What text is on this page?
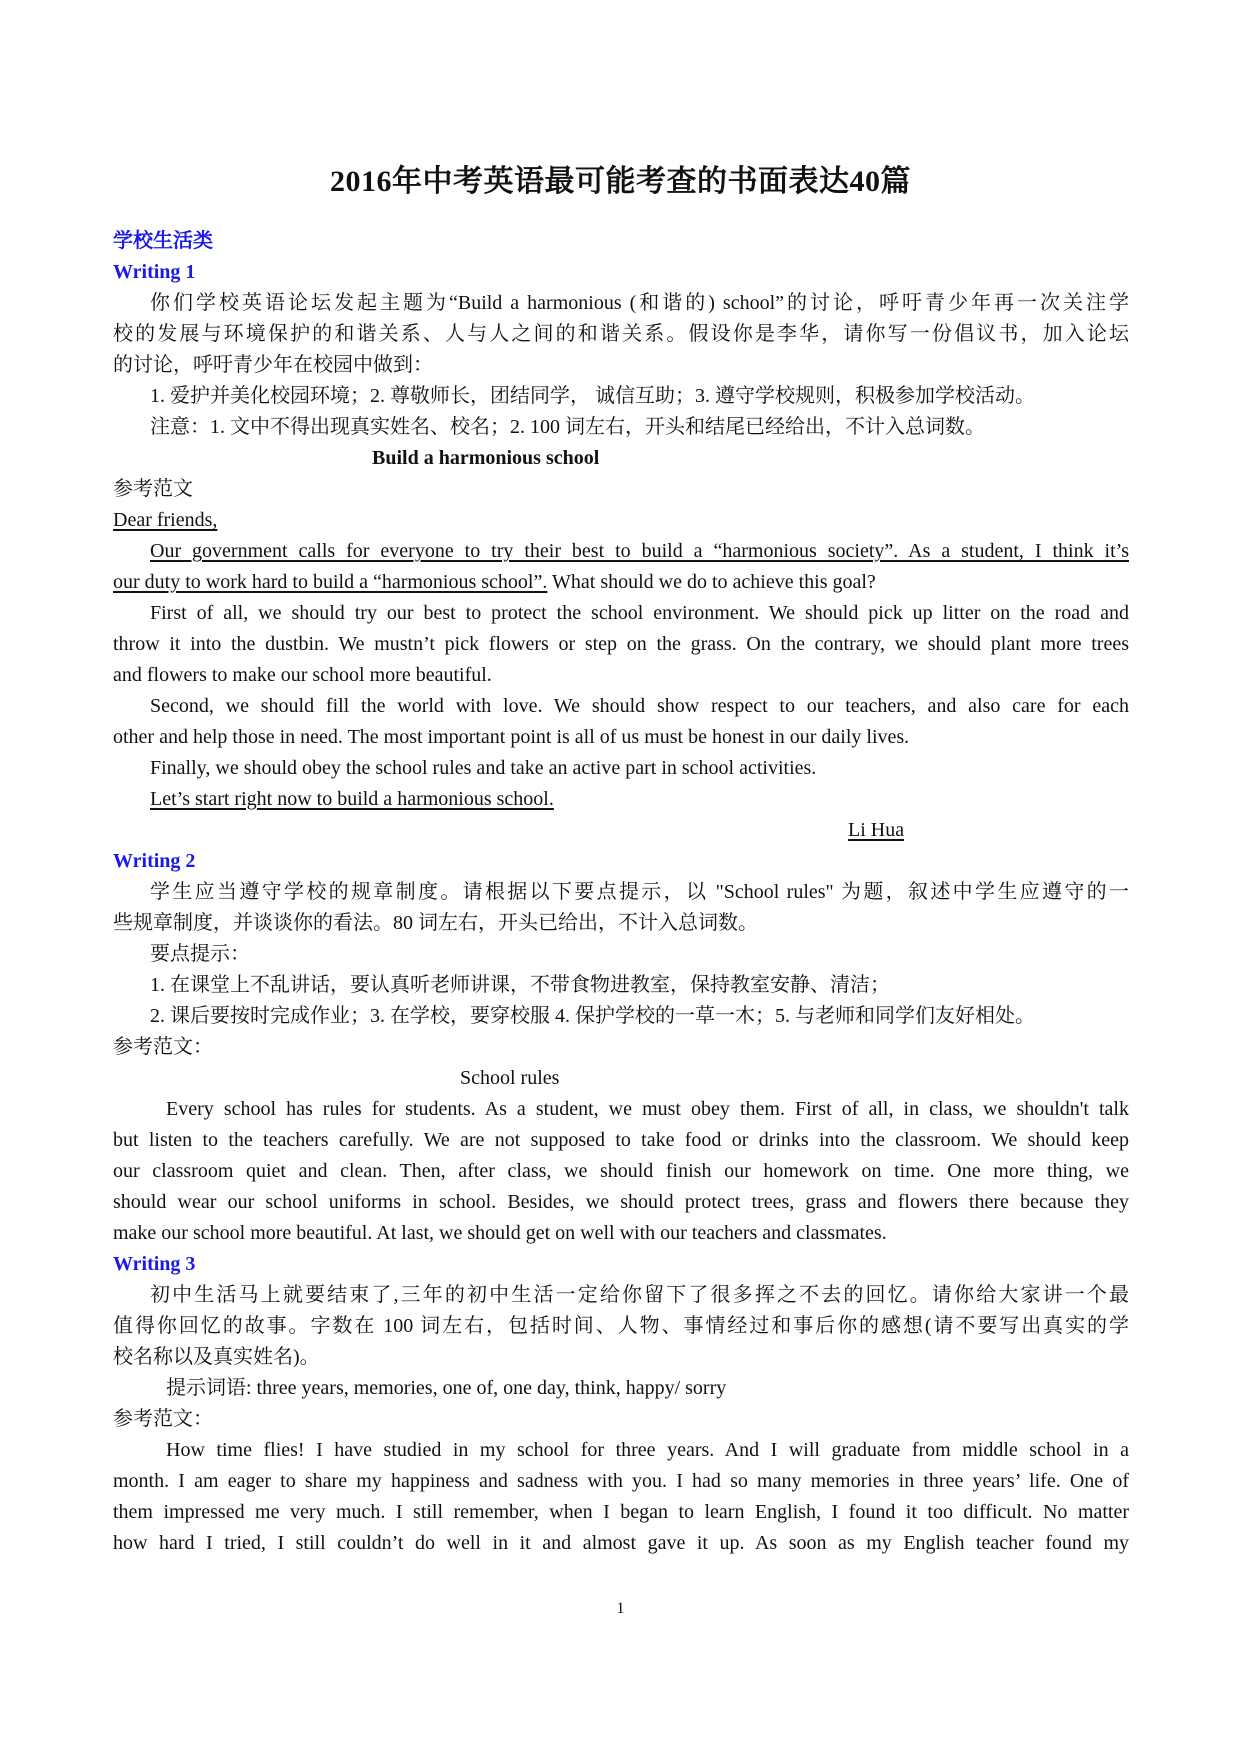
2016年中考英语最可能考查的书面表达40篇
学校生活类
Writing 1
你们学校英语论坛发起主题为“Build a harmonious (和谐的) school”的讨论，呼吁青少年再一次关注学
校的发展与环境保护的和谐关系、人与人之间的和谐关系。假设你是李华，请你写一份倡议书，加入论坛
的讨论，呼吁青少年在校园中做到：
1. 爱护并美化校园环境；2. 尊敬师长，团结同学， 诚信互助；3. 遵守学校规则，积极参加学校活动。
注意：1. 文中不得出现真实姓名、校名；2. 100 词左右，开头和结尾已经给出，不计入总词数。
Build a harmonious school
参考范文
Dear friends,
Our government calls for everyone to try their best to build a “harmonious society”. As a student, I think it’s
our duty to work hard to build a “harmonious school”. What should we do to achieve this goal?
First of all, we should try our best to protect the school environment. We should pick up litter on the road and
throw it into the dustbin. We mustn’t pick flowers or step on the grass. On the contrary, we should plant more trees
and flowers to make our school more beautiful.
Second, we should fill the world with love. We should show respect to our teachers, and also care for each
other and help those in need. The most important point is all of us must be honest in our daily lives.
Finally, we should obey the school rules and take an active part in school activities.
Let’s start right now to build a harmonious school.
Li Hua
Writing 2
学生应当遵守学校的规章制度。请根据以下要点提示，以 "School rules" 为题，叙述中学生应遵守的一
些规章制度，并谈谈你的看法。80 词左右，开头已给出，不计入总词数。
要点提示：
1. 在课堂上不乱讲话，要认真听老师讲课，不带食物进教室，保持教室安静、清洁；
2. 课后要按时完成作业；3. 在学校，要穿校服 4. 保护学校的一草一木；5. 与老师和同学们友好相处。
参考范文：
School rules
Every school has rules for students. As a student, we must obey them. First of all, in class, we shouldn't talk
but listen to the teachers carefully. We are not supposed to take food or drinks into the classroom. We should keep
our classroom quiet and clean. Then, after class, we should finish our homework on time. One more thing, we
should wear our school uniforms in school. Besides, we should protect trees, grass and flowers there because they
make our school more beautiful. At last, we should get on well with our teachers and classmates.
Writing 3
初中生活马上就要结束了,三年的初中生活一定给你留下了很多挥之不去的回忆。请你给大家讲一个最
值得你回忆的故事。字数在 100 词左右，包括时间、人物、事情经过和事后你的感想(请不要写出真实的学
校名称以及真实姓名)。
提示词语: three years, memories, one of, one day, think, happy/ sorry
参考范文：
How time flies! I have studied in my school for three years. And I will graduate from middle school in a
month. I am eager to share my happiness and sadness with you. I had so many memories in three years’ life. One of
them impressed me very much. I still remember, when I began to learn English, I found it too difficult. No matter
how hard I tried, I still couldn’t do well in it and almost gave it up. As soon as my English teacher found my
1
